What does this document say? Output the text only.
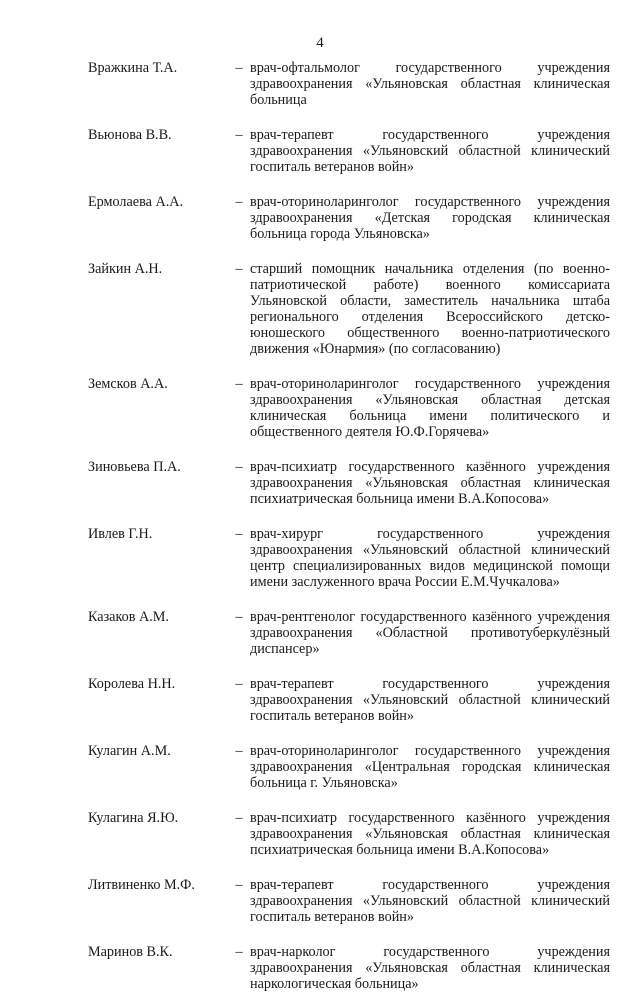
4
Вражкина Т.А.	– врач-офтальмолог государственного учреждения здравоохранения «Ульяновская областная клиническая больница
Вьюнова В.В.	– врач-терапевт государственного учреждения здравоохранения «Ульяновский областной клинический госпиталь ветеранов войн»
Ермолаева А.А.	– врач-оториноларинголог государственного учреждения здравоохранения «Детская городская клиническая больница города Ульяновска»
Зайкин А.Н.	– старший помощник начальника отделения (по военно-патриотической работе) военного комиссариата Ульяновской области, заместитель начальника штаба регионального отделения Всероссийского детско-юношеского общественного военно-патриотического движения «Юнармия» (по согласованию)
Земсков А.А.	– врач-оториноларинголог государственного учреждения здравоохранения «Ульяновская областная детская клиническая больница имени политического и общественного деятеля Ю.Ф.Горячева»
Зиновьева П.А.	– врач-психиатр государственного казённого учреждения здравоохранения «Ульяновская областная клиническая психиатрическая больница имени В.А.Копосова»
Ивлев Г.Н.	– врач-хирург государственного учреждения здравоохранения «Ульяновский областной клинический центр специализированных видов медицинской помощи имени заслуженного врача России Е.М.Чучкалова»
Казаков А.М.	– врач-рентгенолог государственного казённого учреждения здравоохранения «Областной противотуберкулёзный диспансер»
Королева Н.Н.	– врач-терапевт государственного учреждения здравоохранения «Ульяновский областной клинический госпиталь ветеранов войн»
Кулагин А.М.	– врач-оториноларинголог государственного учреждения здравоохранения «Центральная городская клиническая больница г. Ульяновска»
Кулагина Я.Ю.	– врач-психиатр государственного казённого учреждения здравоохранения «Ульяновская областная клиническая психиатрическая больница имени В.А.Копосова»
Литвиненко М.Ф.	– врач-терапевт государственного учреждения здравоохранения «Ульяновский областной клинический госпиталь ветеранов войн»
Маринов В.К.	– врач-нарколог государственного учреждения здравоохранения «Ульяновская областная клиническая наркологическая больница»
